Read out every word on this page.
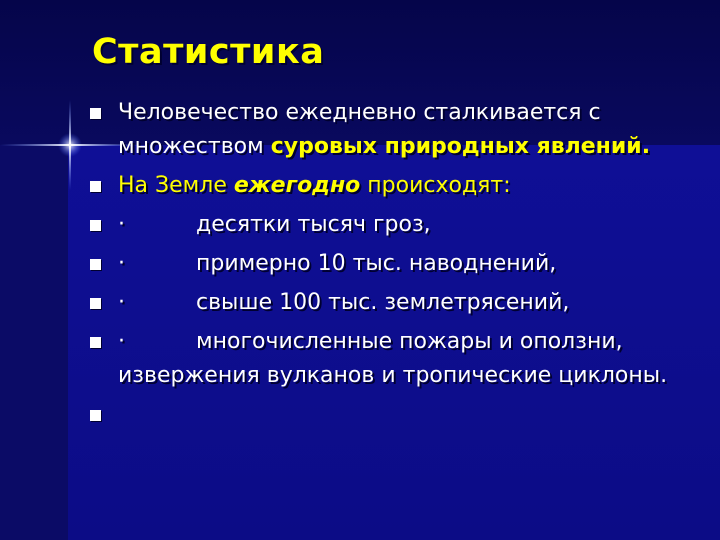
Статистика
Человечество ежедневно сталкивается с множеством суровых природных явлений.
На Земле ежегодно происходят:
·	десятки тысяч гроз,
·	примерно 10 тыс. наводнений,
·	свыше 100 тыс. землетрясений,
·	многочисленные пожары и оползни, извержения вулканов и тропические циклоны.
